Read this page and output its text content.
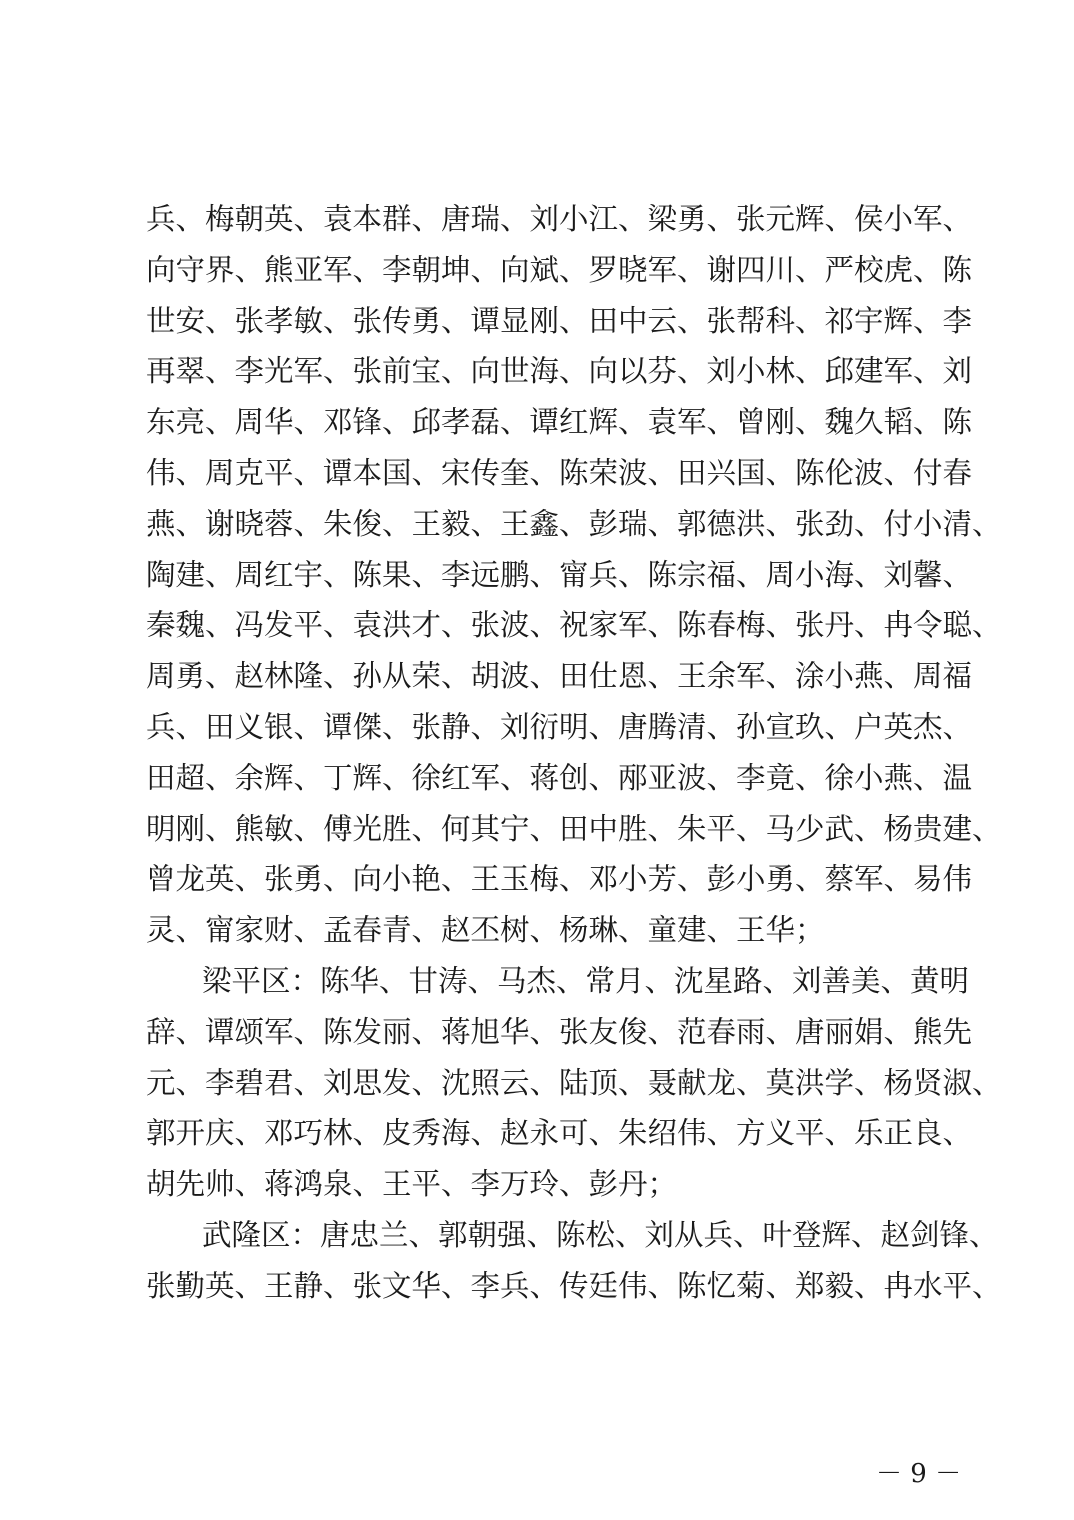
兵、梅朝英、袁本群、唐瑞、刘小江、梁勇、张元辉、侯小军、
向守界、熊亚军、李朝坤、向斌、罗晓军、谢四川、严校虎、陈
世安、张孝敏、张传勇、谭显刚、田中云、张帮科、祁宇辉、李
再翠、李光军、张前宝、向世海、向以芬、刘小林、邱建军、刘
东亮、周华、邓锋、邱孝磊、谭红辉、袁军、曾刚、魏久韬、陈
伟、周克平、谭本国、宋传奎、陈荣波、田兴国、陈伦波、付春
燕、谢晓蓉、朱俊、王毅、王鑫、彭瑞、郭德洪、张劲、付小清、
陶建、周红宇、陈果、李远鹏、甯兵、陈宗福、周小海、刘馨、
秦魏、冯发平、袁洪才、张波、祝家军、陈春梅、张丹、冉令聪、
周勇、赵林隆、孙从荣、胡波、田仕恩、王余军、涂小燕、周福
兵、田义银、谭傑、张静、刘衍明、唐腾清、孙宣玖、户英杰、
田超、余辉、丁辉、徐红军、蒋创、邴亚波、李竟、徐小燕、温
明刚、熊敏、傅光胜、何其宁、田中胜、朱平、马少武、杨贵建、
曾龙英、张勇、向小艳、王玉梅、邓小芳、彭小勇、蔡军、易伟
灵、甯家财、孟春青、赵丕树、杨琳、童建、王华；
梁平区：陈华、甘涛、马杰、常月、沈星路、刘善美、黄明
辞、谭颂军、陈发丽、蒋旭华、张友俊、范春雨、唐丽娟、熊先
元、李碧君、刘思发、沈照云、陆顶、聂献龙、莫洪学、杨贤淑、
郭开庆、邓巧林、皮秀海、赵永可、朱绍伟、方义平、乐正良、
胡先帅、蒋鸿泉、王平、李万玲、彭丹；
武隆区：唐忠兰、郭朝强、陈松、刘从兵、叶登辉、赵剑锋、
张勤英、王静、张文华、李兵、传廷伟、陈忆菊、郑毅、冉水平、
－ 9 －
